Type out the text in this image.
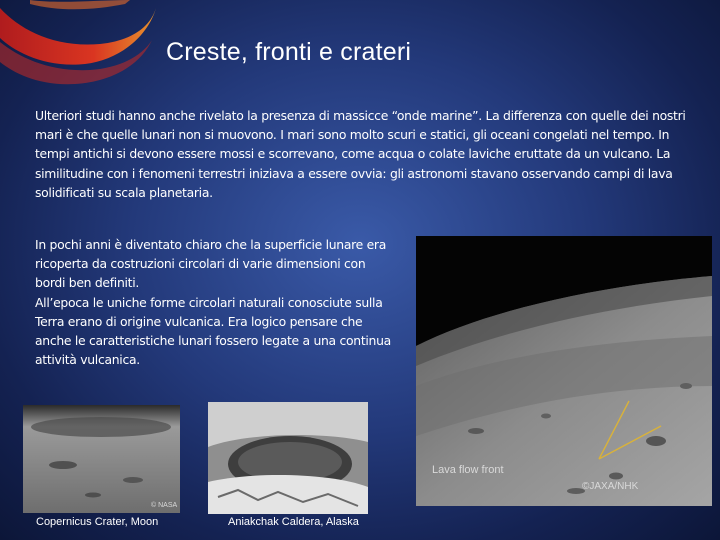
Creste, fronti e crateri
Ulteriori studi hanno anche rivelato la presenza di massicce “onde marine”. La differenza con quelle dei nostri mari è che quelle lunari non si muovono. I mari sono molto scuri e statici, gli oceani congelati nel tempo. In tempi antichi si devono essere mossi e scorrevano, come acqua o colate laviche eruttate da un vulcano. La similitudine con i fenomeni terrestri iniziava a essere ovvia: gli astronomi stavano osservando campi di lava solidificati su scala planetaria.

In pochi anni è diventato chiaro che la superficie lunare era ricoperta da costruzioni circolari di varie dimensioni con bordi ben definiti.

All’epoca le uniche forme circolari naturali conosciute sulla Terra erano di origine vulcanica. Era logico pensare che anche le caratteristiche lunari fossero legate a una continua attività vulcanica.

Lava flow front
©JAXA/NHK
© NASA
Copernicus Crater, Moon	Aniakchak Caldera, Alaska
